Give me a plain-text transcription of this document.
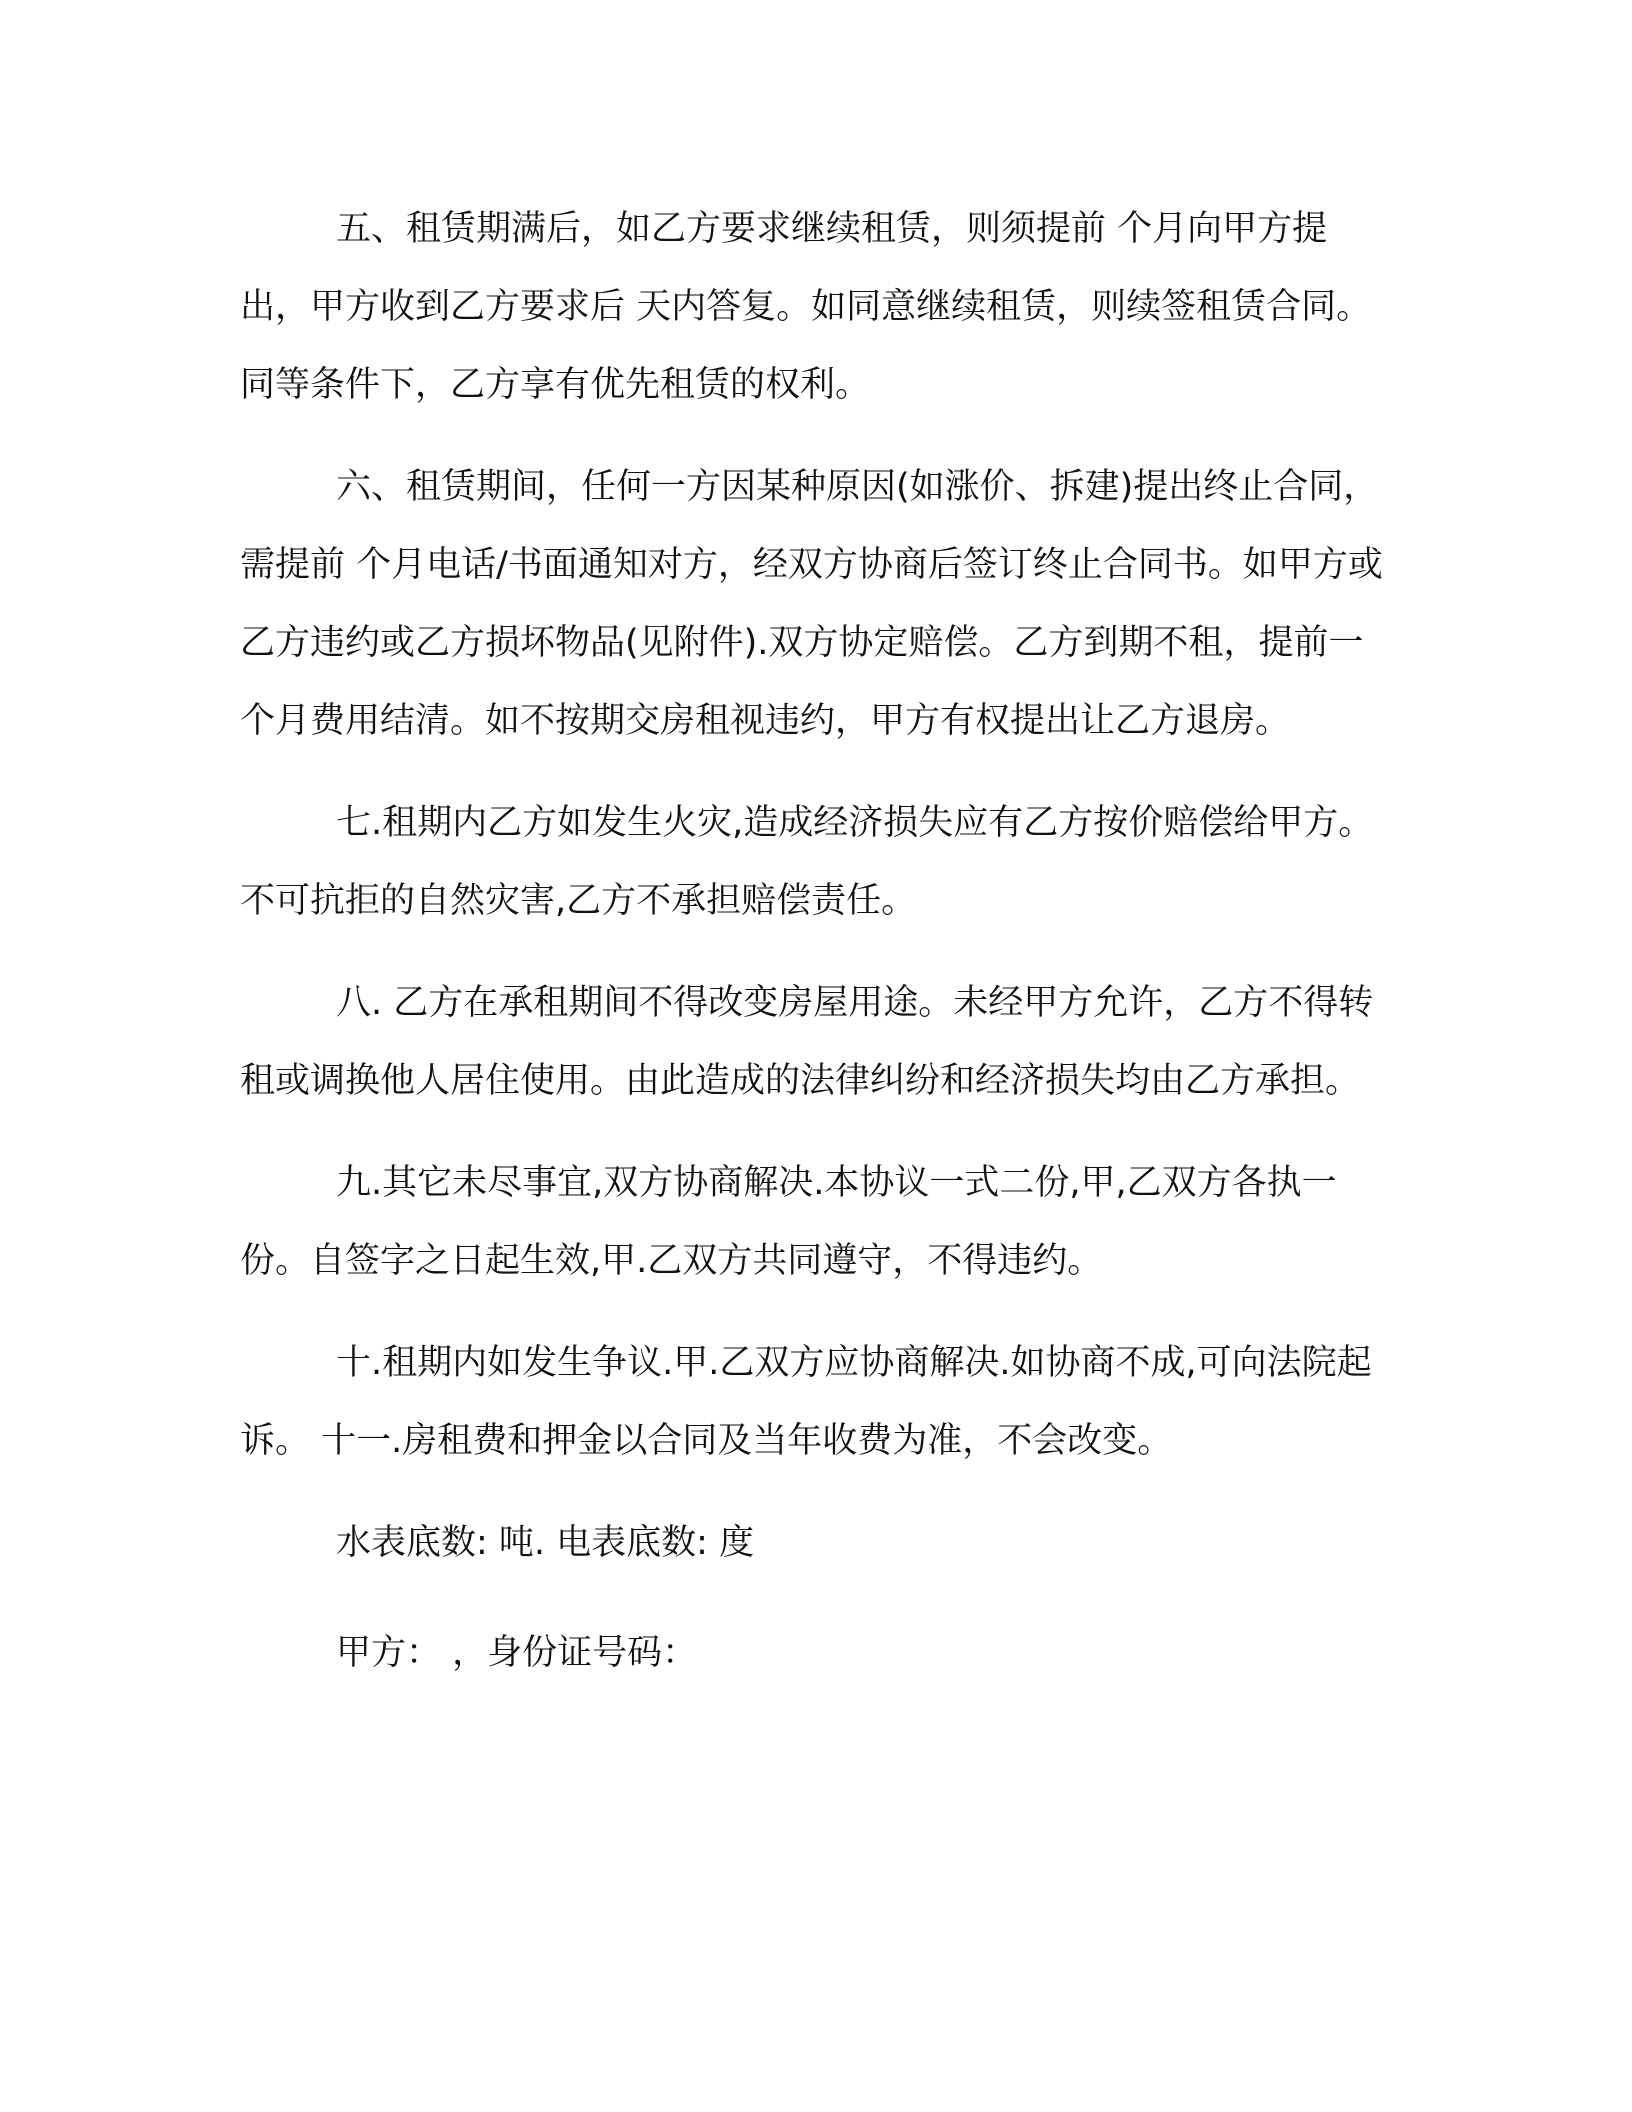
五、租赁期满后，如乙方要求继续租赁，则须提前 个月向甲方提出，甲方收到乙方要求后 天内答复。如同意继续租赁，则续签租赁合同。同等条件下，乙方享有优先租赁的权利。

六、租赁期间，任何一方因某种原因(如涨价、拆建)提出终止合同，需提前 个月电话/书面通知对方，经双方协商后签订终止合同书。如甲方或乙方违约或乙方损坏物品(见附件).双方协定赔偿。乙方到期不租，提前一个月费用结清。如不按期交房租视违约，甲方有权提出让乙方退房。

七.租期内乙方如发生火灾,造成经济损失应有乙方按价赔偿给甲方。不可抗拒的自然灾害,乙方不承担赔偿责任。

八. 乙方在承租期间不得改变房屋用途。未经甲方允许，乙方不得转租或调换他人居住使用。由此造成的法律纠纷和经济损失均由乙方承担。

九.其它未尽事宜,双方协商解决.本协议一式二份,甲,乙双方各执一份。自签字之日起生效,甲.乙双方共同遵守，不得违约。

十.租期内如发生争议.甲.乙双方应协商解决.如协商不成,可向法院起诉。 十一.房租费和押金以合同及当年收费为准，不会改变。

水表底数: 吨. 电表底数: 度

甲方： ，身份证号码：
